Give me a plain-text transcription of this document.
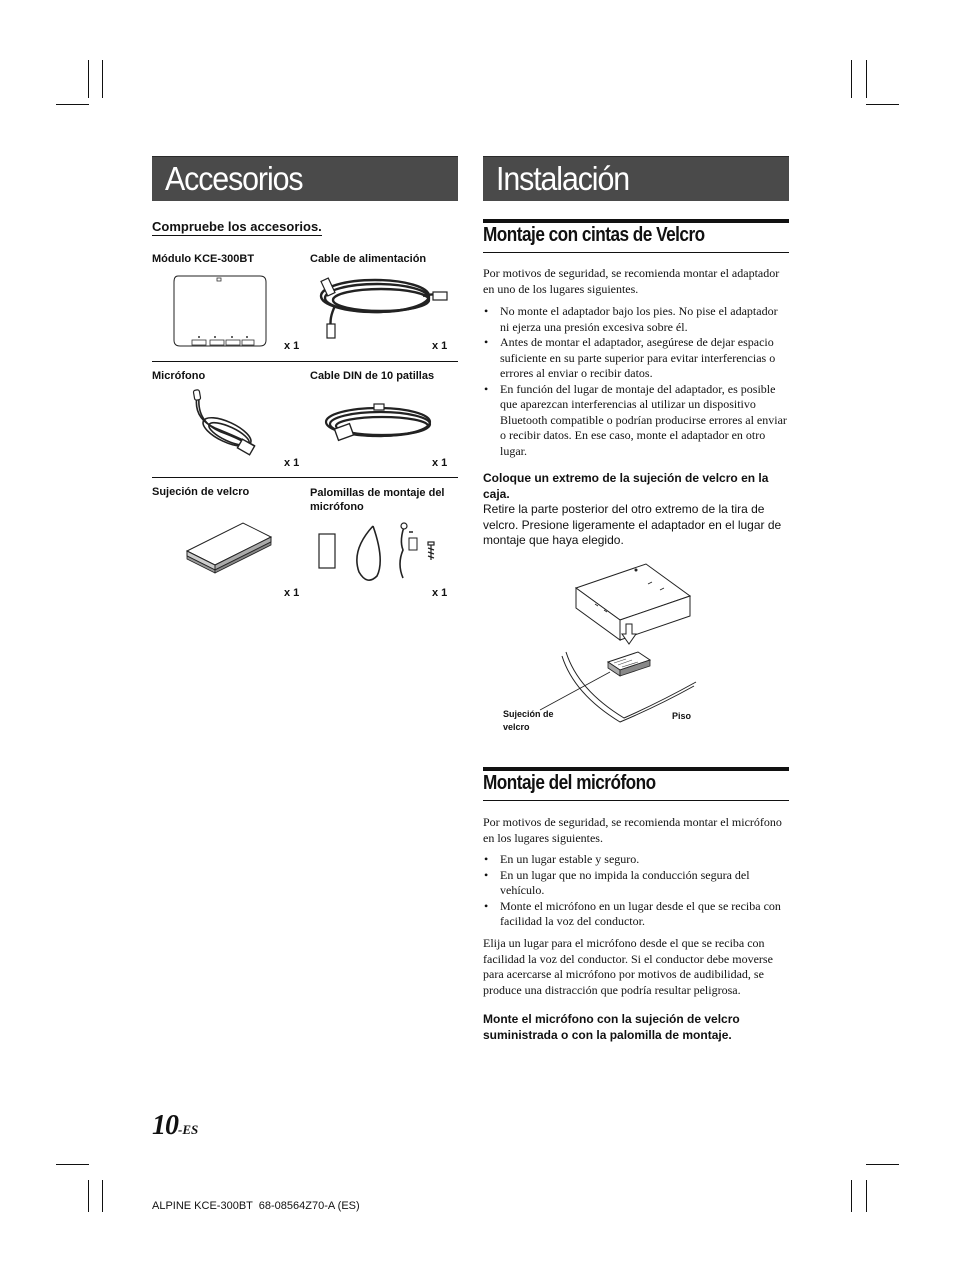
Accesorios
Compruebe los accesorios.
Módulo KCE-300BT	Cable de alimentación
Micrófono	Cable DIN de 10 patillas
Sujeción de velcro	Palomillas de montaje del micrófono
x 1	x 1
x 1	x 1
x 1	x 1
Instalación
Montaje con cintas de Velcro
Por motivos de seguridad, se recomienda montar el adaptador en uno de los lugares siguientes.
• No monte el adaptador bajo los pies. No pise el adaptador ni ejerza una presión excesiva sobre él.
• Antes de montar el adaptador, asegúrese de dejar espacio suficiente en su parte superior para evitar interferencias o errores al enviar o recibir datos.
• En función del lugar de montaje del adaptador, es posible que aparezcan interferencias al utilizar un dispositivo Bluetooth compatible o podrían producirse errores al enviar o recibir datos. En ese caso, monte el adaptador en otro lugar.
Coloque un extremo de la sujeción de velcro en la caja.
Retire la parte posterior del otro extremo de la tira de velcro. Presione ligeramente el adaptador en el lugar de montaje que haya elegido.
Sujeción de velcro
Piso
Montaje del micrófono
Por motivos de seguridad, se recomienda montar el micrófono en los lugares siguientes.
• En un lugar estable y seguro.
• En un lugar que no impida la conducción segura del vehículo.
• Monte el micrófono en un lugar desde el que se reciba con facilidad la voz del conductor.
Elija un lugar para el micrófono desde el que se reciba con facilidad la voz del conductor. Si el conductor debe moverse para acercarse al micrófono por motivos de audibilidad, se produce una distracción que podría resultar peligrosa.
Monte el micrófono con la sujeción de velcro suministrada o con la palomilla de montaje.
10-ES
ALPINE KCE-300BT  68-08564Z70-A (ES)
